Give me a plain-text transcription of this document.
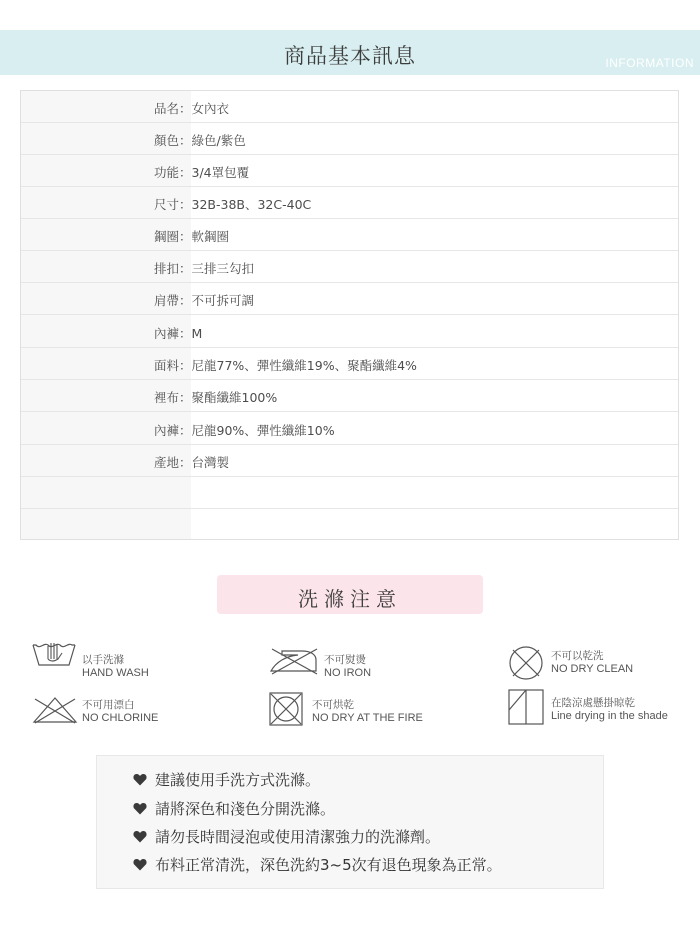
商品基本訊息	INFORMATION
品名：女內衣
顏色：綠色/紫色
功能：3/4罩包覆
尺寸：32B-38B、32C-40C
鋼圈：軟鋼圈
排扣：三排三勾扣
肩帶：不可拆可調
內褲：M
面料：尼龍77%、彈性纖維19%、聚酯纖維4%
裡布：聚酯纖維100%
內褲：尼龍90%、彈性纖維10%
產地：台灣製
洗滌注意
以手洗滌
HAND WASH
不可熨燙
NO IRON
不可以乾洗
NO DRY CLEAN
不可用漂白
NO CHLORINE
不可烘乾
NO DRY AT THE FIRE
在陰涼處懸掛晾乾
Line drying in the shade
建議使用手洗方式洗滌。
請將深色和淺色分開洗滌。
請勿長時間浸泡或使用清潔強力的洗滌劑。
布料正常清洗，深色洗約3~5次有退色現象為正常。
